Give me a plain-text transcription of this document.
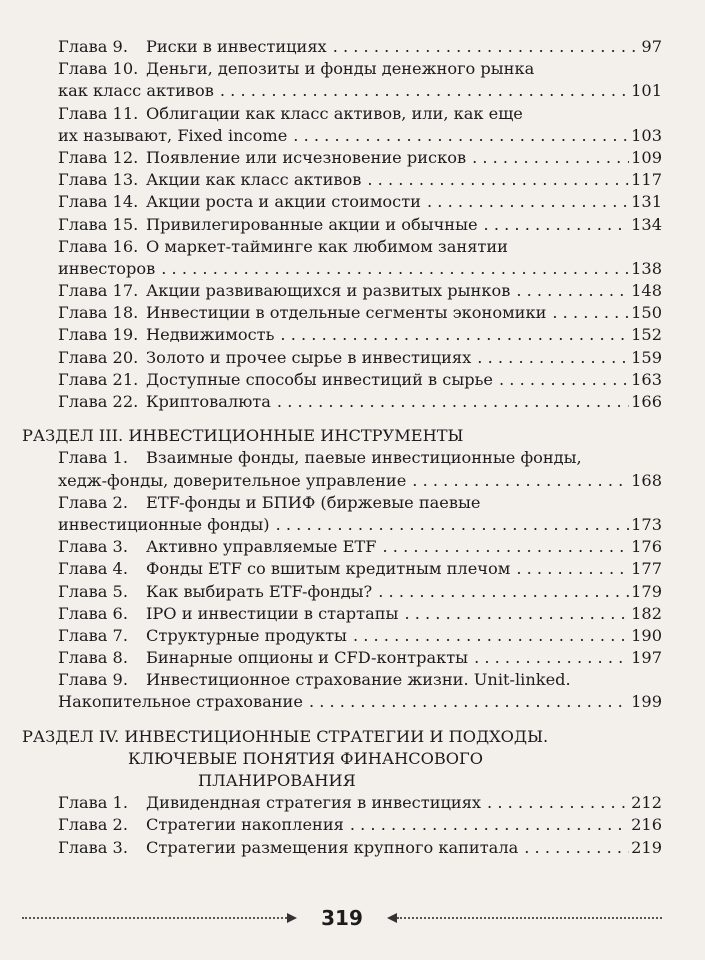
Глава 9.	Риски в инвестициях . . .	97
Глава 10. Деньги, депозиты и фонды денежного рынка
как класс активов . . .	101
Глава 11. Облигации как класс активов, или, как еще
их называют, Fixed income . . .	103
Глава 12. Появление или исчезновение рисков . . .	109
Глава 13. Акции как класс активов . . .	117
Глава 14. Акции роста и акции стоимости . . .	131
Глава 15. Привилегированные акции и обычные . . .	134
Глава 16. О маркет-тайминге как любимом занятии
инвесторов . . .	138
Глава 17. Акции развивающихся и развитых рынков . . .	148
Глава 18. Инвестиции в отдельные сегменты экономики . . .	150
Глава 19. Недвижимость . . .	152
Глава 20. Золото и прочее сырье в инвестициях . . .	159
Глава 21. Доступные способы инвестиций в сырье . . .	163
Глава 22. Криптовалюта . . .	166
РАЗДЕЛ III. ИНВЕСТИЦИОННЫЕ ИНСТРУМЕНТЫ
Глава 1.	Взаимные фонды, паевые инвестиционные фонды,
хедж-фонды, доверительное управление . . .	168
Глава 2.	ETF-фонды и БПИФ (биржевые паевые
инвестиционные фонды) . . .	173
Глава 3.	Активно управляемые ETF . . .	176
Глава 4.	Фонды ETF со вшитым кредитным плечом . . .	177
Глава 5.	Как выбирать ETF-фонды? . . .	179
Глава 6.	IPO и инвестиции в стартапы . . .	182
Глава 7.	Структурные продукты . . .	190
Глава 8.	Бинарные опционы и CFD-контракты . . .	197
Глава 9.	Инвестиционное страхование жизни. Unit-linked.
Накопительное страхование . . .	199
РАЗДЕЛ IV. ИНВЕСТИЦИОННЫЕ СТРАТЕГИИ И ПОДХОДЫ.
КЛЮЧЕВЫЕ ПОНЯТИЯ ФИНАНСОВОГО
ПЛАНИРОВАНИЯ
Глава 1.	Дивидендная стратегия в инвестициях . . .	212
Глава 2.	Стратегии накопления . . .	216
Глава 3.	Стратегии размещения крупного капитала . . .	219
319
